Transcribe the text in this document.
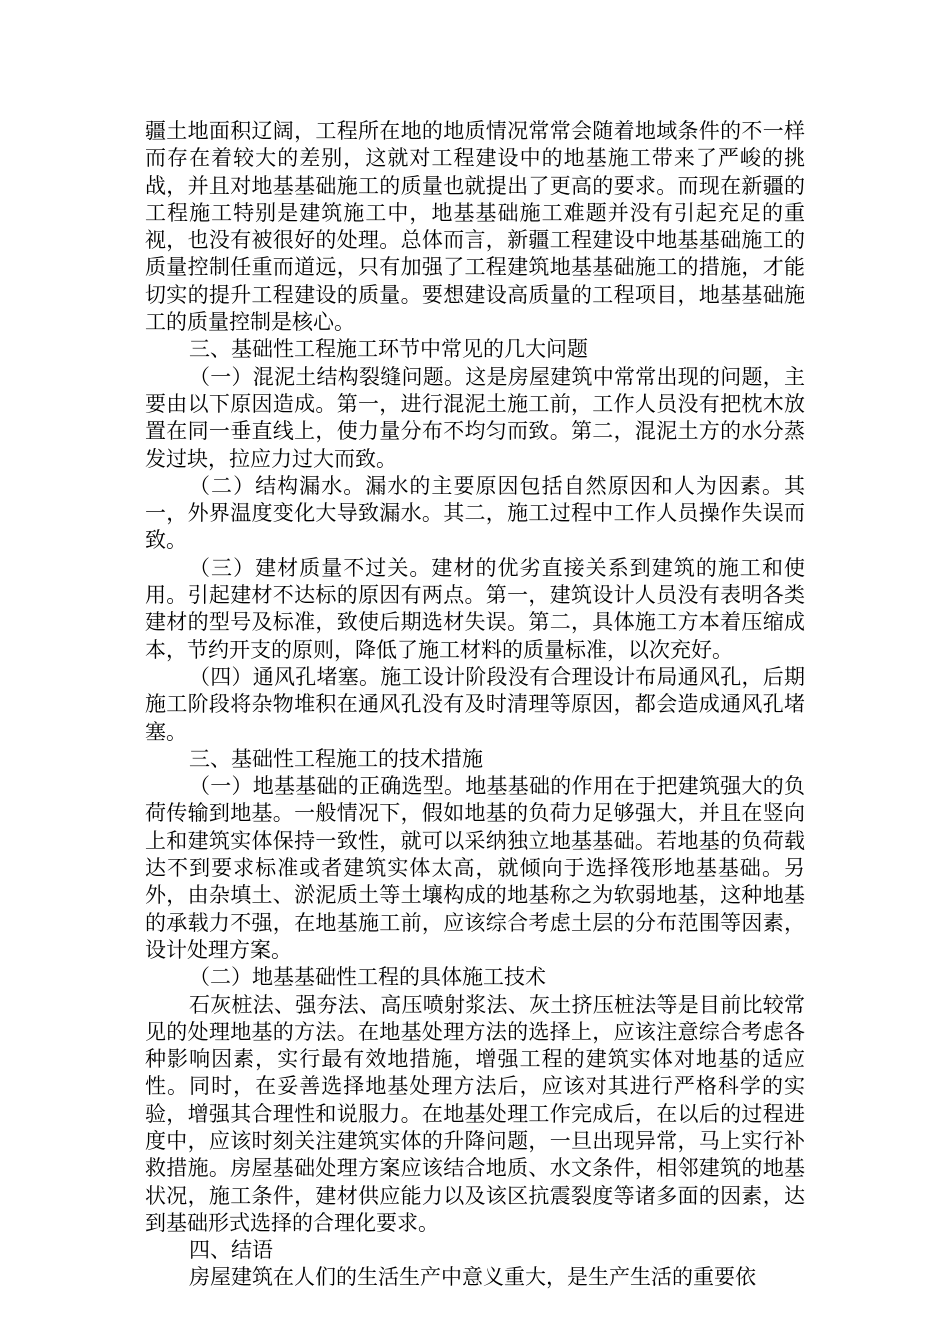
疆土地面积辽阔，工程所在地的地质情况常常会随着地域条件的不一样而存在着较大的差别，这就对工程建设中的地基施工带来了严峻的挑战，并且对地基基础施工的质量也就提出了更高的要求。而现在新疆的工程施工特别是建筑施工中，地基基础施工难题并没有引起充足的重视，也没有被很好的处理。总体而言，新疆工程建设中地基基础施工的质量控制任重而道远，只有加强了工程建筑地基基础施工的措施，才能切实的提升工程建设的质量。要想建设高质量的工程项目，地基基础施工的质量控制是核心。

三、基础性工程施工环节中常见的几大问题

（一）混泥土结构裂缝问题。这是房屋建筑中常常出现的问题，主要由以下原因造成。第一，进行混泥土施工前，工作人员没有把枕木放置在同一垂直线上，使力量分布不均匀而致。第二，混泥土方的水分蒸发过块，拉应力过大而致。

（二）结构漏水。漏水的主要原因包括自然原因和人为因素。其一，外界温度变化大导致漏水。其二，施工过程中工作人员操作失误而致。

（三）建材质量不过关。建材的优劣直接关系到建筑的施工和使用。引起建材不达标的原因有两点。第一，建筑设计人员没有表明各类建材的型号及标准，致使后期选材失误。第二，具体施工方本着压缩成本，节约开支的原则，降低了施工材料的质量标准，以次充好。

（四）通风孔堵塞。施工设计阶段没有合理设计布局通风孔，后期施工阶段将杂物堆积在通风孔没有及时清理等原因，都会造成通风孔堵塞。

三、基础性工程施工的技术措施

（一）地基基础的正确选型。地基基础的作用在于把建筑强大的负荷传输到地基。一般情况下，假如地基的负荷力足够强大，并且在竖向上和建筑实体保持一致性，就可以采纳独立地基基础。若地基的负荷载达不到要求标准或者建筑实体太高，就倾向于选择筏形地基基础。另外，由杂填土、淤泥质土等土壤构成的地基称之为软弱地基，这种地基的承载力不强，在地基施工前，应该综合考虑土层的分布范围等因素，设计处理方案。

（二）地基基础性工程的具体施工技术

石灰桩法、强夯法、高压喷射浆法、灰土挤压桩法等是目前比较常见的处理地基的方法。在地基处理方法的选择上，应该注意综合考虑各种影响因素，实行最有效地措施，增强工程的建筑实体对地基的适应性。同时，在妥善选择地基处理方法后，应该对其进行严格科学的实验，增强其合理性和说服力。在地基处理工作完成后，在以后的过程进度中，应该时刻关注建筑实体的升降问题，一旦出现异常，马上实行补救措施。房屋基础处理方案应该结合地质、水文条件，相邻建筑的地基状况，施工条件，建材供应能力以及该区抗震裂度等诸多面的因素，达到基础形式选择的合理化要求。

四、结语

房屋建筑在人们的生活生产中意义重大，是生产生活的重要依
